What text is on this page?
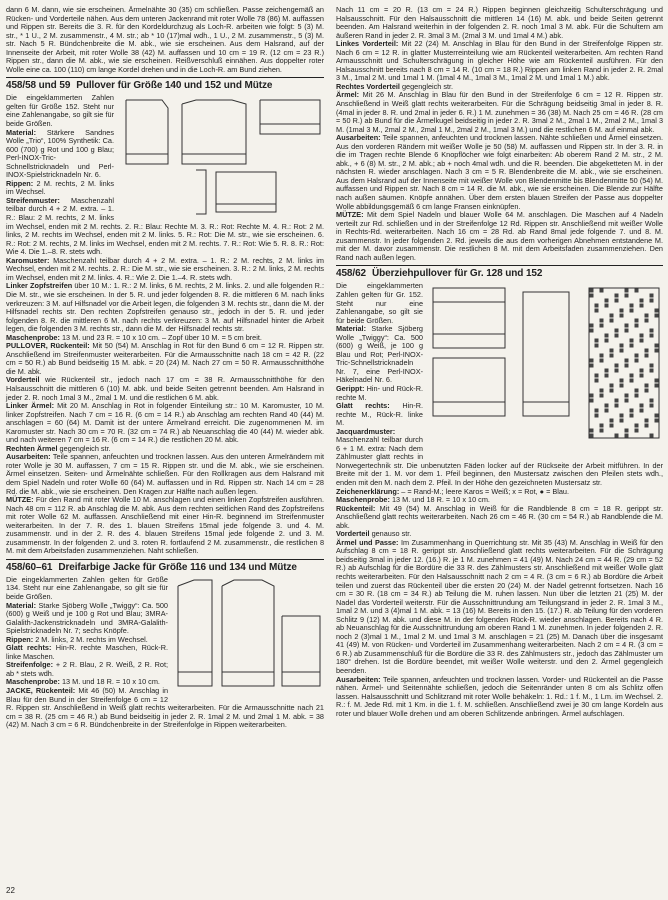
dann 6 M. dann, wie sie erscheinen. Ärmelnähte 30 (35) cm schließen. Passe zeichengemäß an Rücken- und Vorderteile nähen. Aus dem unteren Jackenrand mit roter Wolle 78 (86) M. auffassen und Rippen str. Bereits die 3. R. für den Kordeldurchzug als Loch-R. arbeiten wie folgt: 5 (3) M. str., * 1 U., 2 M. zusammenstr., 4 M. str.; ab * 10 (17)mal wdh., 1 U., 2 M. zusammenstr., 5 (3) M. str. Nach 5 R. Bündchenbreite die M. abk., wie sie erscheinen. Aus dem Halsrand, auf der Innenseite der Arbeit, mit roter Wolle 38 (42) M. auffassen und 10 cm = 19 R. (12 cm = 23 R.) Rippen str., dann die M. abk., wie sie erscheinen. Reißverschluß einnähen. Aus doppelter roter Wolle eine ca. 100 (110) cm lange Kordel drehen und in die Loch-R. am Bund ziehen.

458/58 und 59 Pullover für Größe 140 und 152 und Mütze

Die eingeklammerten Zahlen gelten für Größe 152. Steht nur eine Zahlenangabe, so gilt sie für beide Größen.

Material: Stärkere Sandnes Wolle „Trio“, 100% Synthetik: Ca. 600 (700) g Rot und 100 g Blau; Perl-INOX-Tric-Schnellstricknadeln und Perl-INOX-Spielstricknadeln Nr. 6.

Rippen: 2 M. rechts, 2 M. links im Wechsel.

Streifenmuster: Maschenzahl teilbar durch 4 + 2 M. extra. – 1. R.: Blau: 2 M. rechts, 2 M. links im Wechsel, enden mit 2 M. rechts. 2. R.: Blau: Rechte M. 3. R.: Rot: Rechte M. 4. R.: Rot: 2 M. links, 2 M. rechts im Wechsel, enden mit 2 M. links. 5. R.: Rot: Die M. str., wie sie erscheinen. 6. R.: Rot: 2 M. rechts, 2 M. links im Wechsel, enden mit 2 M. rechts. 7. R.: Rot: Wie 5. R. 8. R.: Rot: Wie 4. Die 1.–8. R. stets wdh.

Karomuster: Maschenzahl teilbar durch 4 + 2 M. extra. – 1. R.: 2 M. rechts, 2 M. links im Wechsel, enden mit 2 M. rechts. 2. R.: Die M. str., wie sie erscheinen. 3. R.: 2 M. links, 2 M. rechts im Wechsel, enden mit 2 M. links. 4. R.: Wie 2. Die 1.–4. R. stets wdh.

Linker Zopfstreifen über 10 M.: 1. R.: 2 M. links, 6 M. rechts, 2 M. links. 2. und alle folgenden R.: Die M. str., wie sie erscheinen. In der 5. R. und jeder folgenden 8. R. die mittleren 6 M. nach links verkreuzen: 3 M. auf Hilfsnadel vor die Arbeit legen, die folgenden 3 M. rechts str., dann die M. der Hilfsnadel rechts str. Den rechten Zopfstreifen genauso str., jedoch in der 5. R. und jeder folgenden 8. R. die mittleren 6 M. nach rechts verkreuzen: 3 M. auf Hilfsnadel hinter die Arbeit legen, die folgenden 3 M. rechts str., dann die M. der Hilfsnadel rechts str.

Maschenprobe: 13 M. und 23 R. = 10 x 10 cm. – Zopf über 10 M. = 5 cm breit.

PULLOVER, Rückenteil: Mit 50 (54) M. Anschlag in Rot für den Bund 6 cm = 12 R. Rippen str. Anschließend im Streifenmuster weiterarbeiten. Für die Armausschnitte nach 18 cm = 42 R. (22 cm = 50 R.) ab Bund beidseitig 15 M. abk. = 20 (24) M. Nach 27 cm = 50 R. Armausschnitthöhe die M. abk.

Vorderteil wie Rückenteil str., jedoch nach 17 cm = 38 R. Armausschnitthöhe für den Halsausschnitt die mittleren 6 (10) M. abk. und beide Seiten getrennt beenden. Am Halsrand in jeder 2. R. noch 1mal 3 M., 2mal 1 M. und die restlichen 6 M. abk.

Linker Ärmel: Mit 20 M. Anschlag in Rot in folgender Einteilung str.: 10 M. Karomuster, 10 M. linker Zopfstreifen. Nach 7 cm = 16 R. (6 cm = 14 R.) ab Anschlag am rechten Rand 40 (44) M. anschlagen = 60 (64) M. Damit ist der untere Ärmelrand erreicht. Die zugenommenen M. im Karomuster str. Nach 30 cm = 70 R. (32 cm = 74 R.) ab Neuanschlag die 40 (44) M. wieder abk. und nach weiteren 7 cm = 16 R. (6 cm = 14 R.) die restlichen 20 M. abk.

Rechten Ärmel gegengleich str.

Ausarbeiten: Teile spannen, anfeuchten und trocknen lassen. Aus den unteren Ärmelrändern mit roter Wolle je 30 M. auffassen, 7 cm = 15 R. Rippen str. und die M. abk., wie sie erscheinen. Ärmel einsetzen. Seiten- und Ärmelnähte schließen. Für den Rollkragen aus dem Halsrand mit dem Spiel Nadeln und roter Wolle 60 (64) M. auffassen und in Rd. Rippen str. Nach 14 cm = 28 Rd. die M. abk., wie sie erscheinen. Den Kragen zur Hälfte nach außen legen.

MÜTZE: Für den Rand mit roter Wolle 10 M. anschlagen und einen linken Zopfstreifen ausführen. Nach 48 cm = 112 R. ab Anschlag die M. abk. Aus dem rechten seitlichen Rand des Zopfstreifens mit roter Wolle 62 M. auffassen. Anschließend mit einer Hin-R. beginnend im Streifenmuster weiterarbeiten. In der 7. R. des 1. blauen Streifens 15mal jede folgende 3. und 4. M. zusammenstr. und in der 2. R. des 4. blauen Streifens 15mal jede folgende 2. und 3. M. zusammenstr. In der folgenden 2. und 3. roten R. fortlaufend 2 M. zusammenstr., die restlichen 8 M. mit dem Arbeitsfaden zusammenziehen. Naht schließen.

458/60–61 Dreifarbige Jacke für Größe 116 und 134 und Mütze

Die eingeklammerten Zahlen gelten für Größe 134. Steht nur eine Zahlenangabe, so gilt sie für beide Größen.

Material: Starke Sjöberg Wolle „Twiggy“: Ca. 500 (600) g Weiß und je 100 g Rot und Blau; 3MRA-Galalith-Jackenstricknadeln und 3MRA-Galalith-Spielstricknadeln Nr. 7; sechs Knöpfe.

Rippen: 2 M. links, 2 M. rechts im Wechsel.

Glatt rechts: Hin-R. rechte Maschen, Rück-R. linke Maschen.

Streifenfolge: + 2 R. Blau, 2 R. Weiß, 2 R. Rot; ab * stets wdh.

Maschenprobe: 13 M. und 18 R. = 10 x 10 cm.

JACKE, Rückenteil: Mit 46 (50) M. Anschlag in Blau für den Bund in der Streifenfolge 6 cm = 12 R. Rippen str. Anschließend in Weiß glatt rechts weiterarbeiten. Für die Armausschnitte nach 21 cm = 38 R. (25 cm = 46 R.) ab Bund beidseitig in jeder 2. R. 1mal 2 M. und 2mal 1 M. abk. = 38 (42) M. Nach 3 cm = 6 R. Bündchenbreite in der Streifenfolge in Rippen weiterarbeiten.

Nach 11 cm = 20 R. (13 cm = 24 R.) Rippen beginnen gleichzeitig Schulterschrägung und Halsausschnitt. Für den Halsausschnitt die mittleren 14 (16) M. abk. und beide Seiten getrennt beenden. Am Halsrand weiterhin in der folgenden 2. R. noch 1mal 3 M. abk. Für die Schultern am äußeren Rand in jeder 2. R. 3mal 3 M. (2mal 3 M. und 1mal 4 M.) abk.

Linkes Vorderteil: Mit 22 (24) M. Anschlag in Blau für den Bund in der Streifenfolge Rippen str. Nach 6 cm = 12 R. in glatter Musterreinteilung wie am Rückenteil weiterarbeiten. Am rechten Rand Armausschnitt und Schulterschrägung in gleicher Höhe wie am Rückenteil ausführen. Für den Halsausschnitt bereits nach 8 cm = 14 R. (10 cm = 18 R.) Rippen am linken Rand in jeder 2. R. 2mal 3 M., 1mal 2 M. und 1mal 1 M. (1mal 4 M., 1mal 3 M., 1mal 2 M. und 1mal 1 M.) abk.

Rechtes Vorderteil gegengleich str.

Ärmel: Mit 26 M. Anschlag in Blau für den Bund in der Streifenfolge 6 cm = 12 R. Rippen str. Anschließend in Weiß glatt rechts weiterarbeiten. Für die Schrägung beidseitig 3mal in jeder 8. R. (4mal in jeder 8. R. und 2mal in jeder 6. R.) 1 M. zunehmen = 36 (38) M. Nach 25 cm = 46 R. (28 cm = 50 R.) ab Bund für die Ärmelkugel beidseitig in jeder 2. R. 3mal 2 M., 2mal 1 M., 2mal 2 M., 1mal 3 M. (1mal 3 M., 2mal 2 M., 2mal 1 M., 2mal 2 M., 1mal 3 M.) und die restlichen 6 M. auf einmal abk.

Ausarbeiten: Teile spannen, anfeuchten und trocknen lassen. Nähte schließen und Ärmel einsetzen. Aus den vorderen Rändern mit weißer Wolle je 50 (58) M. auffassen und Rippen str. In der 3. R. in die im Tragen rechte Blende 6 Knopflöcher wie folgt einarbeiten: Ab oberem Rand 2 M. str., 2 M. abk., + 6 (8) M. str., 2 M. abk.; ab + noch 4mal wdh. und die R. beenden. Die abgeketteten M. in der nächsten R. wieder anschlagen. Nach 3 cm = 5 R. Blendenbreite die M. abk., wie sie erscheinen. Aus dem Halsrand auf der Innenseite mit weißer Wolle von Blendenmitte bis Blendenmitte 50 (54) M. auffassen und Rippen str. Nach 8 cm = 14 R. die M. abk., wie sie erscheinen. Die Blende zur Hälfte nach außen säumen. Knöpfe annähen. Über dem ersten blauen Streifen der Passe aus doppelter Wolle abbildungsgemäß 6 cm lange Fransen einknüpfen.

MÜTZE: Mit dem Spiel Nadeln und blauer Wolle 64 M. anschlagen. Die Maschen auf 4 Nadeln verteilt zur Rd. schließen und in der Streifenfolge 12 Rd. Rippen str. Anschließend mit weißer Wolle in Rechts-Rd. weiterarbeiten. Nach 16 cm = 28 Rd. ab Rand 8mal jede folgende 7. und 8. M. zusammenstr. In jeder folgenden 2. Rd. jeweils die aus dem vorherigen Abnehmen entstandene M. mit der M. davor zusammenstr. Die restlichen 8 M. mit dem Arbeitsfaden zusammenziehen. Den Rand nach außen legen.

458/62 Überziehpullover für Gr. 128 und 152

Die eingeklammerten Zahlen gelten für Gr. 152. Steht nur eine Zahlenangabe, so gilt sie für beide Größen.

Material: Starke Sjöberg Wolle „Twiggy“: Ca. 500 (600) g Weiß, je 100 g Blau und Rot; Perl-INOX-Tric-Schnellstricknadeln Nr. 7, eine Perl-INOX-Häkelnadel Nr. 6.

Gerippt: Hin- und Rück-R. rechte M.

Glatt rechts: Hin-R. rechte M., Rück-R. linke M.

Jacquardmuster: Maschenzahl teilbar durch 6 + 1 M. extra: Nach dem Zählmuster glatt rechts in Norwegertechnik str. Die unbenutzten Fäden locker auf der Rückseite der Arbeit mitführen. In der Breite mit der 1. M. vor dem 1. Pfeil beginnen, den Mustersatz zwischen den Pfeilen stets wdh., enden mit den M. nach dem 2. Pfeil. In der Höhe den gezeichneten Mustersatz str.

Zeichenerklärung: – = Rand-M.; leere Karos = Weiß; x = Rot, ● = Blau.

Maschenprobe: 13 M. und 18 R. = 10 x 10 cm.

Rückenteil: Mit 49 (54) M. Anschlag in Weiß für die Randblende 8 cm = 18 R. gerippt str. Anschließend glatt rechts weiterarbeiten. Nach 26 cm = 46 R. (30 cm = 54 R.) ab Randblende die M. abk.

Vorderteil genauso str.

Ärmel und Passe: Im Zusammenhang in Querrichtung str. Mit 35 (43) M. Anschlag in Weiß für den Aufschlag 8 cm = 18 R. gerippt str. Anschließend glatt rechts weiterarbeiten. Für die Schrägung beidseitig 3mal in jeder 12. (16.) R. je 1 M. zunehmen = 41 (49) M. Nach 24 cm = 44 R. (29 cm = 52 R.) ab Aufschlag für die Bordüre die 33 R. des Zählmusters str. Anschließend mit weißer Wolle glatt rechts weiterarbeiten. Für den Halsausschnitt nach 2 cm = 4 R. (3 cm = 6 R.) ab Bordüre die Arbeit teilen und zuerst das Rückenteil über die ersten 20 (24) M. der Nadel getrennt fortsetzen. Nach 16 cm = 30 R. (18 cm = 34 R.) ab Teilung die M. ruhen lassen. Nun über die letzten 21 (25) M. der Nadel das Vorderteil weiterstr. Für die Ausschnittrundung am Teilungsrand in jeder 2. R. 1mal 3 M., 1mal 2 M. und 3 (4)mal 1 M. abk. = 13 (16) M. Bereits in den 15. (17.) R. ab Teilung für den vorderen Schlitz 9 (12) M. abk. und diese M. in der folgenden Rück-R. wieder anschlagen. Bereits nach 4 R. ab Neuanschlag für die Ausschnittrundung am oberen Rand 1 M. zunehmen. In jeder folgenden 2. R. noch 2 (3)mal 1 M., 1mal 2 M. und 1mal 3 M. anschlagen = 21 (25) M. Danach über die insgesamt 41 (49) M. von Rücken- und Vorderteil im Zusammenhang weiterarbeiten. Nach 2 cm = 4 R. (3 cm = 6 R.) ab Zusammenschluß für die Bordüre die 33 R. des Zählmusters str., jedoch das Zählmuster um 180° drehen. Ist die Bordüre beendet, mit weißer Wolle weiterstr. und den 2. Ärmel gegengleich beenden.

Ausarbeiten: Teile spannen, anfeuchten und trocknen lassen. Vorder- und Rückenteil an die Passe nähen. Ärmel- und Seitennähte schließen, jedoch die Seitenränder unten 8 cm als Schlitz offen lassen. Halsausschnitt und Schlitzrand mit roter Wolle behäkeln: 1. Rd.: 1 f. M., 1 Lm. im Wechsel. 2. R.: f. M. Jede Rd. mit 1 Km. in die 1. f. M. schließen. Anschließend zwei je 30 cm lange Kordeln aus roter und blauer Wolle drehen und am oberen Schlitzende anbringen. Ärmel aufschlagen.

22
